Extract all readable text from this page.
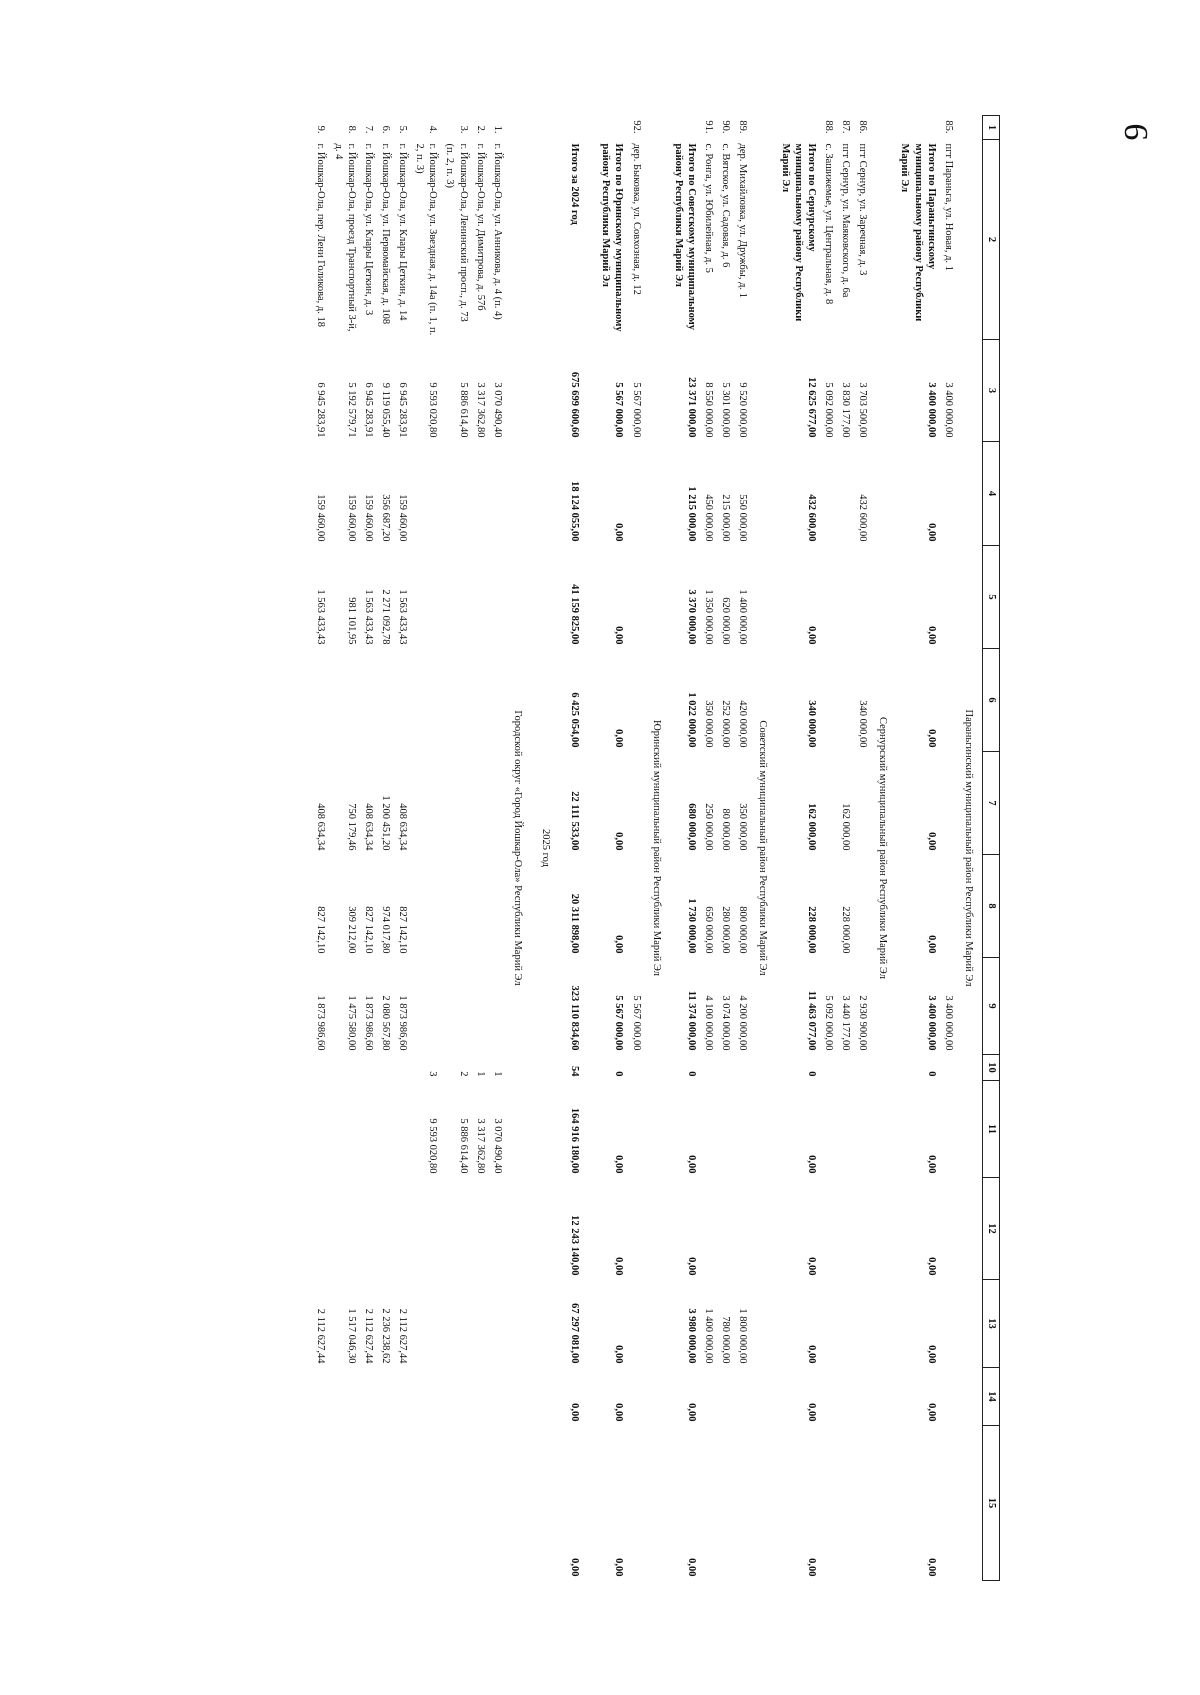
9
1	2	3	4	5	6	7	8	9	10	11	12	13	14	15
Параньгинский муниципальный район Республики Марий Эл														
85.	пгт Параньга, ул. Новая, д. 1	3 400 000,00						3 400 000,00						
	Итого по Параньгинскому муниципальному району Республики Марий Эл	3 400 000,00	0,00	0,00	0,00	0,00	0,00	3 400 000,00	0	0,00	0,00	0,00	0,00	0,00
Сернурский муниципальный район Республики Марий Эл														
86.	пгт Сернур, ул. Заречная, д. 3	3 703 500,00	432 600,00		340 000,00			2 930 900,00						
87.	пгт Сернур, ул. Маяковского, д. 6а	3 830 177,00				162 000,00	228 000,00	3 440 177,00						
88.	с. Зашижемье, ул. Центральная, д. 8	5 092 000,00						5 092 000,00						
	Итого по Сернурскому муниципальному району Республики Марий Эл	12 625 677,00	432 600,00	0,00	340 000,00	162 000,00	228 000,00	11 463 077,00	0	0,00	0,00	0,00	0,00	0,00
Советский муниципальный район Республики Марий Эл														
89.	дер. Михайловка, ул. Дружбы, д. 1	9 520 000,00	550 000,00	1 400 000,00	420 000,00	350 000,00	800 000,00	4 200 000,00				1 800 000,00		
90.	с. Вятское, ул. Садовая, д. 6	5 301 000,00	215 000,00	620 000,00	252 000,00	80 000,00	280 000,00	3 074 000,00				780 000,00		
91.	с. Ронга, ул. Юбилейная, д. 5	8 550 000,00	450 000,00	1 350 000,00	350 000,00	250 000,00	650 000,00	4 100 000,00				1 400 000,00		
	Итого по Советскому муниципальному району Республики Марий Эл	23 371 000,00	1 215 000,00	3 370 000,00	1 022 000,00	680 000,00	1 730 000,00	11 374 000,00	0	0,00	0,00	3 980 000,00	0,00	0,00
Юринский муниципальный район Республики Марий Эл														
92.	дер. Быковка, ул. Совхозная, д. 12	5 567 000,00						5 567 000,00						
	Итого по Юринскому муниципальному району Республики Марий Эл	5 567 000,00	0,00	0,00	0,00	0,00	0,00	5 567 000,00	0	0,00	0,00	0,00	0,00	0,00

	Итого за 2024 год	675 699 600,60	18 124 055,00	41 159 825,00	6 425 054,00	22 111 533,00	20 311 898,00	323 110 834,60	54	164 916 180,00	12 243 140,00	67 297 081,00	0,00	0,00
2025 год														
Городской округ «Город Йошкар-Ола» Республики Марий Эл														
1.	г. Йошкар-Ола, ул. Анникова, д. 4 (п. 4)	3 070 490,40							1	3 070 490,40				
2.	г. Йошкар-Ола, ул. Димитрова, д. 57б	3 317 362,80							1	3 317 362,80				
3.	г. Йошкар-Ола, Ленинский просп., д. 73 (п. 2, п. 3)	5 886 614,40							2	5 886 614,40				
4.	г. Йошкар-Ола, ул. Звездная, д. 14а (п. 1, п. 2, п. 3)	9 593 020,80							3	9 593 020,80				
5.	г. Йошкар-Ола, ул. Клары Цеткин, д. 14	6 945 283,91	159 460,00	1 563 433,43		408 634,34	827 142,10	1 873 986,60				2 112 627,44		
6.	г. Йошкар-Ола, ул. Первомайская, д. 108	9 119 055,40	356 687,20	2 271 092,78		1 200 451,20	974 017,80	2 080 567,80				2 236 238,62		
7.	г. Йошкар-Ола, ул. Клары Цеткин, д. 3	6 945 283,91	159 460,00	1 563 433,43		408 634,34	827 142,10	1 873 986,60				2 112 627,44		
8.	г. Йошкар-Ола, проезд Транспортный 3-й, д. 4	5 192 579,71	159 460,00	981 101,95		750 179,46	309 212,00	1 475 580,00				1 517 046,30		
9.	г. Йошкар-Ола, пер. Лени Голикова, д. 18	6 945 283,91	159 460,00	1 563 433,43		408 634,34	827 142,10	1 873 986,60				2 112 627,44		
